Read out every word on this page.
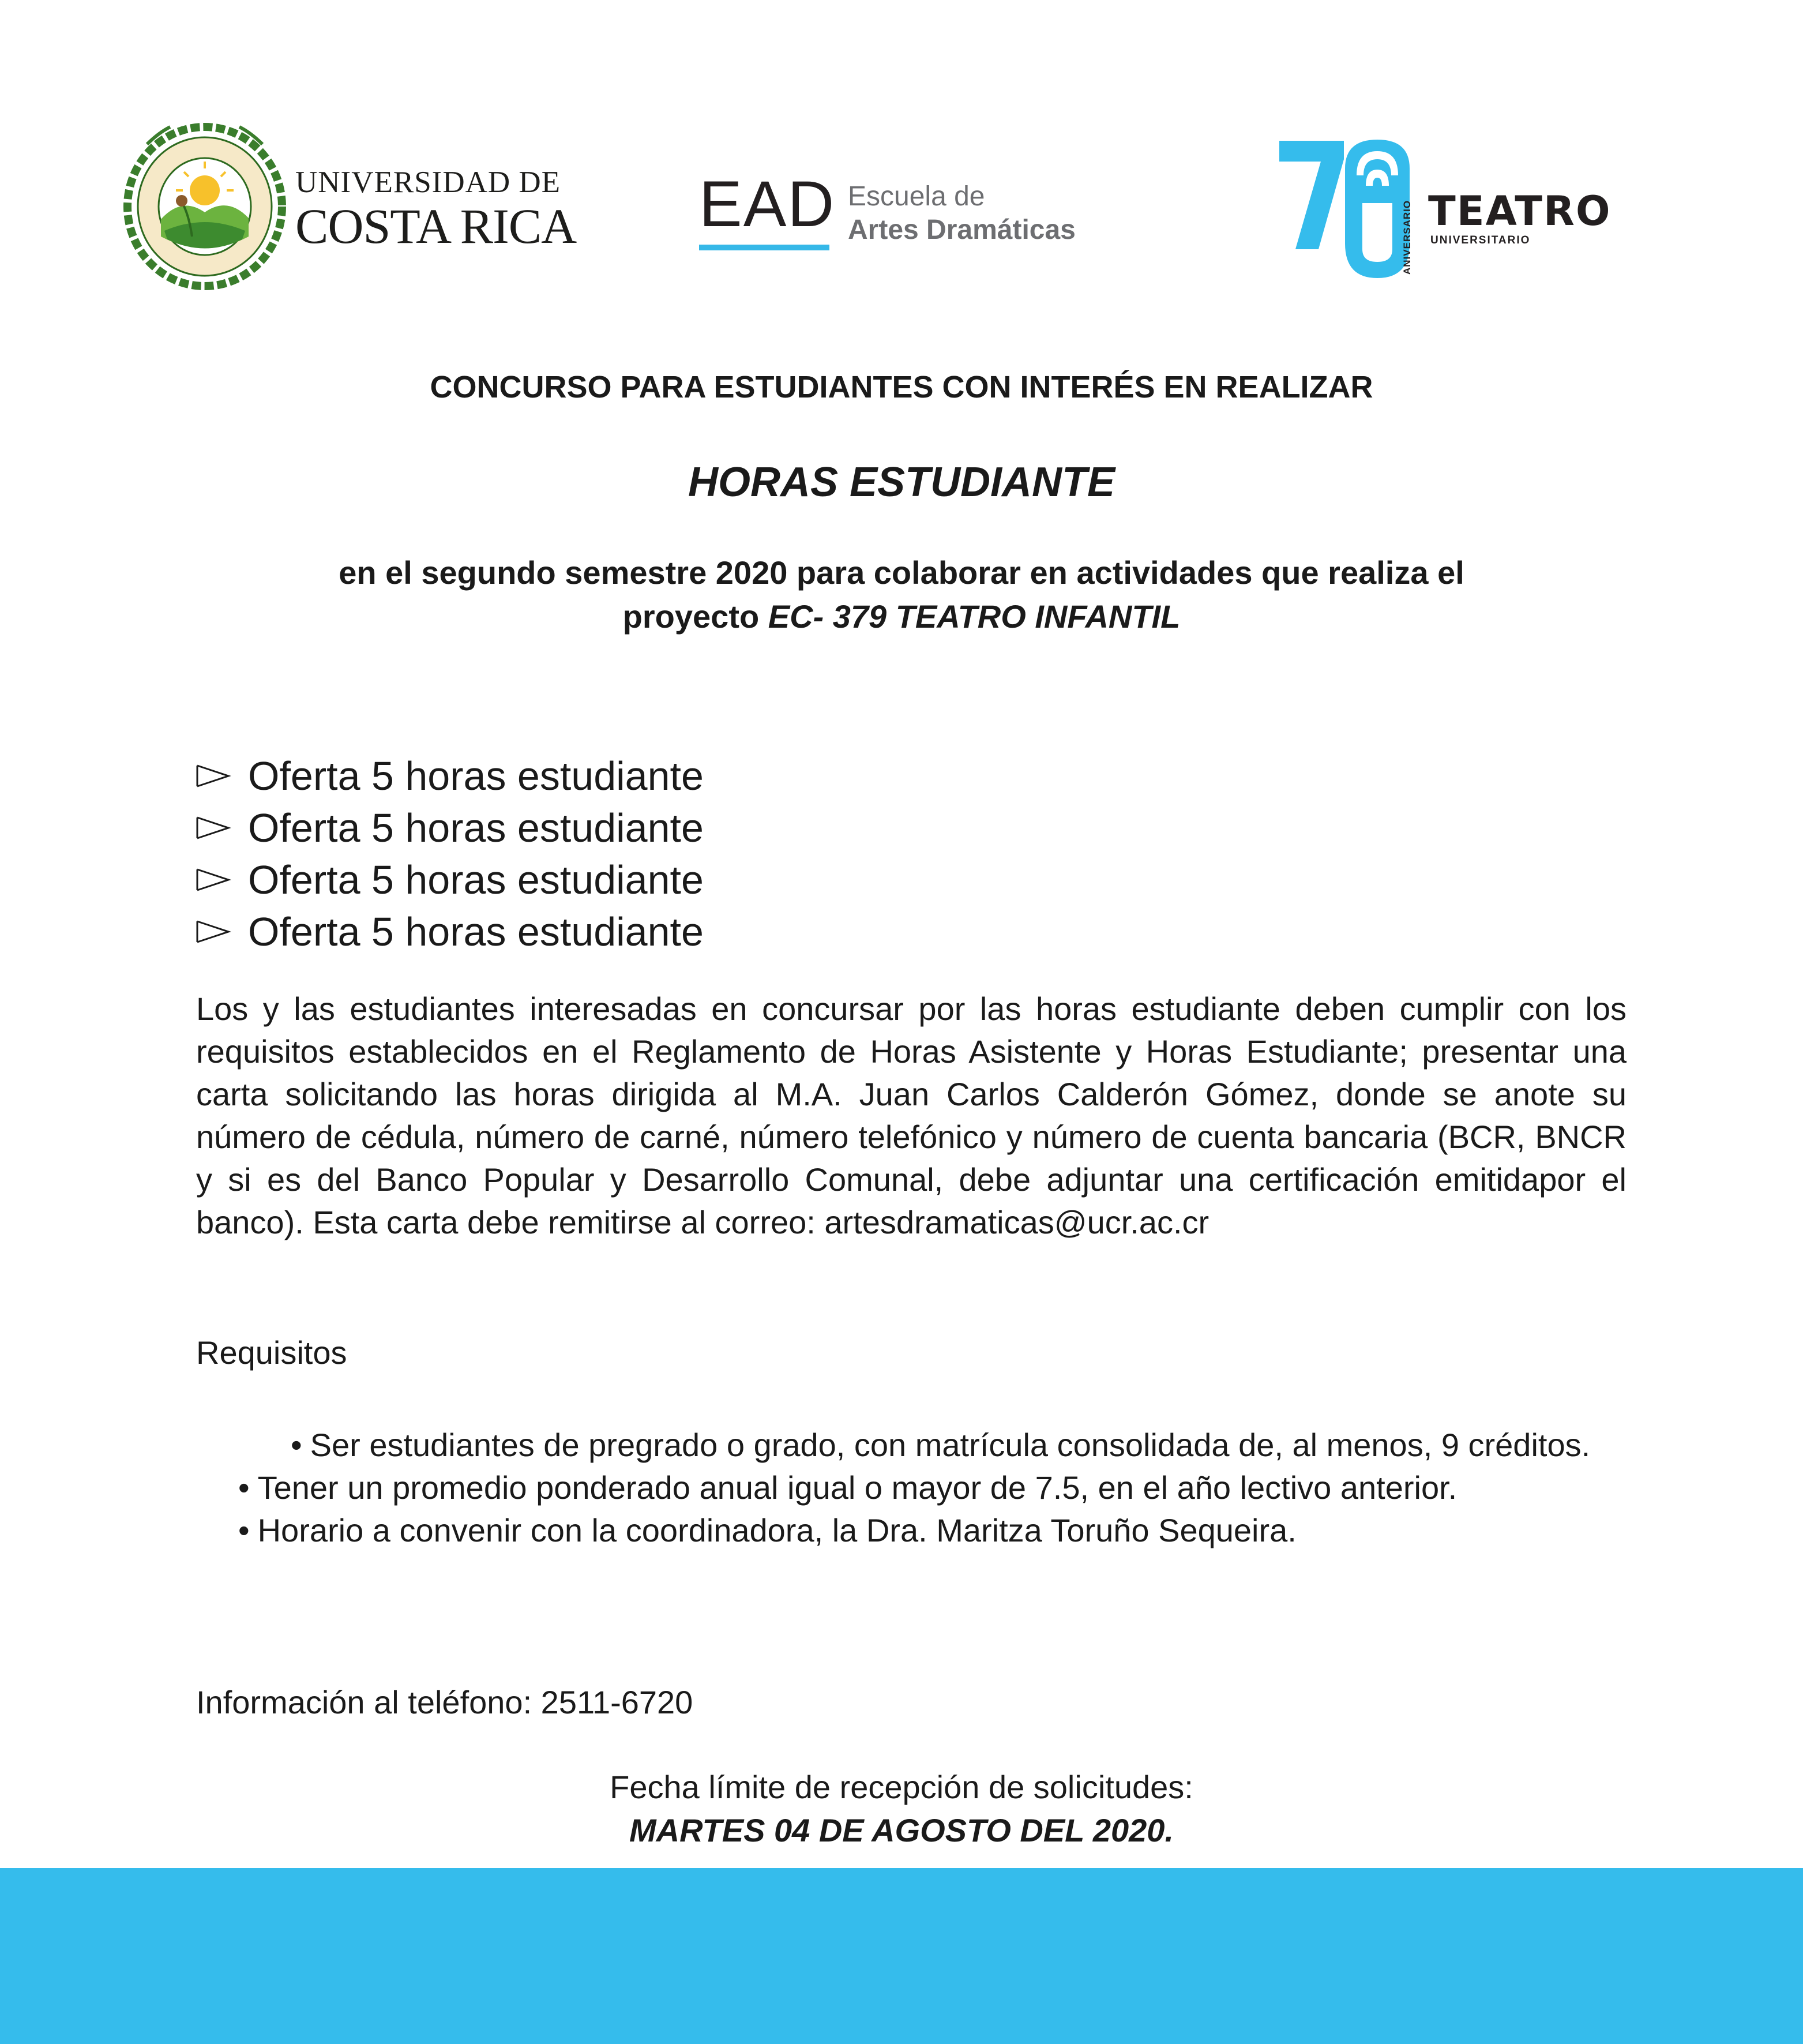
UNIVERSIDAD DE
COSTA RICA EAD Escuela de
Artes Dramáticas	ANIVERSARIO TEATRO
UNIVERSITARIO
CONCURSO PARA ESTUDIANTES CON INTERÉS EN REALIZAR
HORAS ESTUDIANTE
en el segundo semestre 2020 para colaborar en actividades que realiza el
proyecto EC- 379 TEATRO INFANTIL
Oferta 5 horas estudiante
Oferta 5 horas estudiante
Oferta 5 horas estudiante
Oferta 5 horas estudiante

Los y las estudiantes interesadas en concursar por las horas estudiante deben cumplir con los requisitos establecidos en el Reglamento de Horas Asistente y Horas Estudiante; presentar una carta solicitando las horas dirigida al M.A. Juan Carlos Calderón Gómez, donde se anote su número de cédula, número de carné, número telefónico y número de cuenta bancaria (BCR, BNCR y si es del Banco Popular y Desarrollo Comunal, debe adjuntar una certificación emitidapor el banco). Esta carta debe remitirse al correo: artesdramaticas@ucr.ac.cr

Requisitos
• Ser estudiantes de pregrado o grado, con matrícula consolidada de, al menos, 9 créditos.
• Tener un promedio ponderado anual igual o mayor de 7.5, en el año lectivo anterior.
• Horario a convenir con la coordinadora, la Dra. Maritza Toruño Sequeira.
Información al teléfono: 2511-6720
Fecha límite de recepción de solicitudes:
MARTES 04 DE AGOSTO DEL 2020.
